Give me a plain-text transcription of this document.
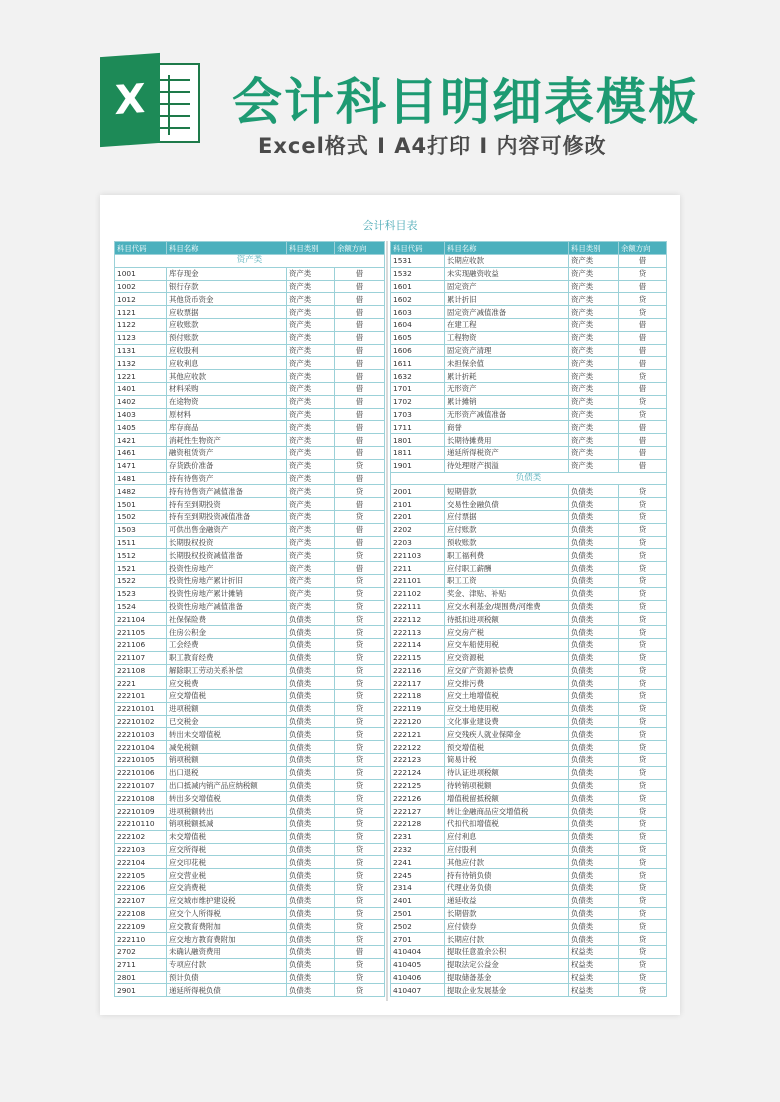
X 会计科目明细表模板
Excel格式 I A4打印 I 内容可修改
会计科目表
科目代码	科目名称	科目类别	余额方向
资产类			
1001	库存现金	资产类	借
1002	银行存款	资产类	借
1012	其他货币资金	资产类	借
1121	应收票据	资产类	借
1122	应收账款	资产类	借
1123	预付账款	资产类	借
1131	应收股利	资产类	借
1132	应收利息	资产类	借
1221	其他应收款	资产类	借
1401	材料采购	资产类	借
1402	在途物资	资产类	借
1403	原材料	资产类	借
1405	库存商品	资产类	借
1421	消耗性生物资产	资产类	借
1461	融资租赁资产	资产类	借
1471	存货跌价准备	资产类	贷
1481	持有待售资产	资产类	借
1482	持有待售资产减值准备	资产类	贷
1501	持有至到期投资	资产类	借
1502	持有至到期投资减值准备	资产类	贷
1503	可供出售金融资产	资产类	借
1511	长期股权投资	资产类	借
1512	长期股权投资减值准备	资产类	贷
1521	投资性房地产	资产类	借
1522	投资性房地产累计折旧	资产类	贷
1523	投资性房地产累计摊销	资产类	贷
1524	投资性房地产减值准备	资产类	贷
221104	社保保险费	负债类	贷
221105	住房公积金	负债类	贷
221106	工会经费	负债类	贷
221107	职工教育经费	负债类	贷
221108	解除职工劳动关系补偿	负债类	贷
2221	应交税费	负债类	贷
222101	应交增值税	负债类	贷
22210101	进项税额	负债类	贷
22210102	已交税金	负债类	贷
22210103	转出未交增值税	负债类	贷
22210104	减免税额	负债类	贷
22210105	销项税额	负债类	贷
22210106	出口退税	负债类	贷
22210107	出口抵减内销产品应纳税额	负债类	贷
22210108	转出多交增值税	负债类	贷
22210109	进项税额转出	负债类	贷
22210110	销项税额抵减	负债类	贷
222102	未交增值税	负债类	贷
222103	应交所得税	负债类	贷
222104	应交印花税	负债类	贷
222105	应交营业税	负债类	贷
222106	应交消费税	负债类	贷
222107	应交城市维护建设税	负债类	贷
222108	应交个人所得税	负债类	贷
222109	应交教育费附加	负债类	贷
222110	应交地方教育费附加	负债类	贷
2702	未确认融资费用	负债类	借
2711	专项应付款	负债类	贷
2801	预计负债	负债类	贷
2901	递延所得税负债	负债类	贷
科目代码	科目名称	科目类别	余额方向
1531	长期应收款	资产类	借
1532	未实现融资收益	资产类	贷
1601	固定资产	资产类	借
1602	累计折旧	资产类	贷
1603	固定资产减值准备	资产类	贷
1604	在建工程	资产类	借
1605	工程物资	资产类	借
1606	固定资产清理	资产类	借
1611	未担保余值	资产类	借
1632	累计折耗	资产类	贷
1701	无形资产	资产类	借
1702	累计摊销	资产类	贷
1703	无形资产减值准备	资产类	贷
1711	商誉	资产类	借
1801	长期待摊费用	资产类	借
1811	递延所得税资产	资产类	借
1901	待处理财产损溢	资产类	借
负债类			
2001	短期借款	负债类	贷
2101	交易性金融负债	负债类	贷
2201	应付票据	负债类	贷
2202	应付账款	负债类	贷
2203	预收账款	负债类	贷
221103	职工福利费	负债类	贷
2211	应付职工薪酬	负债类	贷
221101	职工工资	负债类	贷
221102	奖金、津贴、补贴	负债类	贷
222111	应交水利基金/堤围费/河维费	负债类	贷
222112	待抵扣进项税额	负债类	贷
222113	应交房产税	负债类	贷
222114	应交车船使用税	负债类	贷
222115	应交资源税	负债类	贷
222116	应交矿产资源补偿费	负债类	贷
222117	应交排污费	负债类	贷
222118	应交土地增值税	负债类	贷
222119	应交土地使用税	负债类	贷
222120	文化事业建设费	负债类	贷
222121	应交残疾人就业保障金	负债类	贷
222122	预交增值税	负债类	贷
222123	简易计税	负债类	贷
222124	待认证进项税额	负债类	贷
222125	待转销项税额	负债类	贷
222126	增值税留抵税额	负债类	贷
222127	转让金融商品应交增值税	负债类	贷
222128	代扣代扣增值税	负债类	贷
2231	应付利息	负债类	贷
2232	应付股利	负债类	贷
2241	其他应付款	负债类	贷
2245	持有待销负债	负债类	贷
2314	代理业务负债	负债类	贷
2401	递延收益	负债类	贷
2501	长期借款	负债类	贷
2502	应付债券	负债类	贷
2701	长期应付款	负债类	贷
410404	提取任意盈余公积	权益类	贷
410405	提取法定公益金	权益类	贷
410406	提取储备基金	权益类	贷
410407	提取企业发展基金	权益类	贷
